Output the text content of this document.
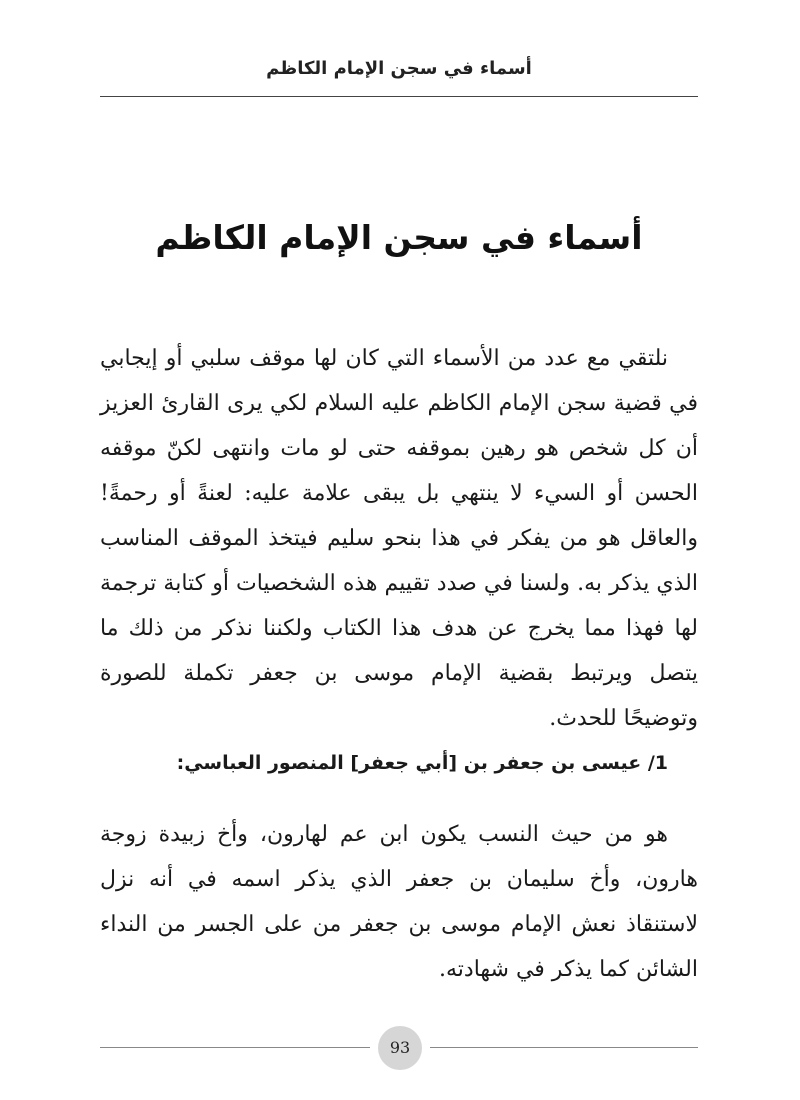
أسماء في سجن الإمام الكاظم
أسماء في سجن الإمام الكاظم

نلتقي مع عدد من الأسماء التي كان لها موقف سلبي أو إيجابي في قضية سجن الإمام الكاظم عليه السلام لكي يرى القارئ العزيز أن كل شخص هو رهين بموقفه حتى لو مات وانتهى لكنّ موقفه الحسن أو السيء لا ينتهي بل يبقى علامة عليه: لعنةً أو رحمةً! والعاقل هو من يفكر في هذا بنحو سليم فيتخذ الموقف المناسب الذي يذكر به. ولسنا في صدد تقييم هذه الشخصيات أو كتابة ترجمة لها فهذا مما يخرج عن هدف هذا الكتاب ولكننا نذكر من ذلك ما يتصل ويرتبط بقضية الإمام موسى بن جعفر تكملة للصورة وتوضيحًا للحدث.

1/ عيسى بن جعفر بن [أبي جعفر] المنصور العباسي:

هو من حيث النسب يكون ابن عم لهارون، وأخ زبيدة زوجة هارون، وأخ سليمان بن جعفر الذي يذكر اسمه في أنه نزل لاستنقاذ نعش الإمام موسى بن جعفر من على الجسر من النداء الشائن كما يذكر في شهادته.

93
